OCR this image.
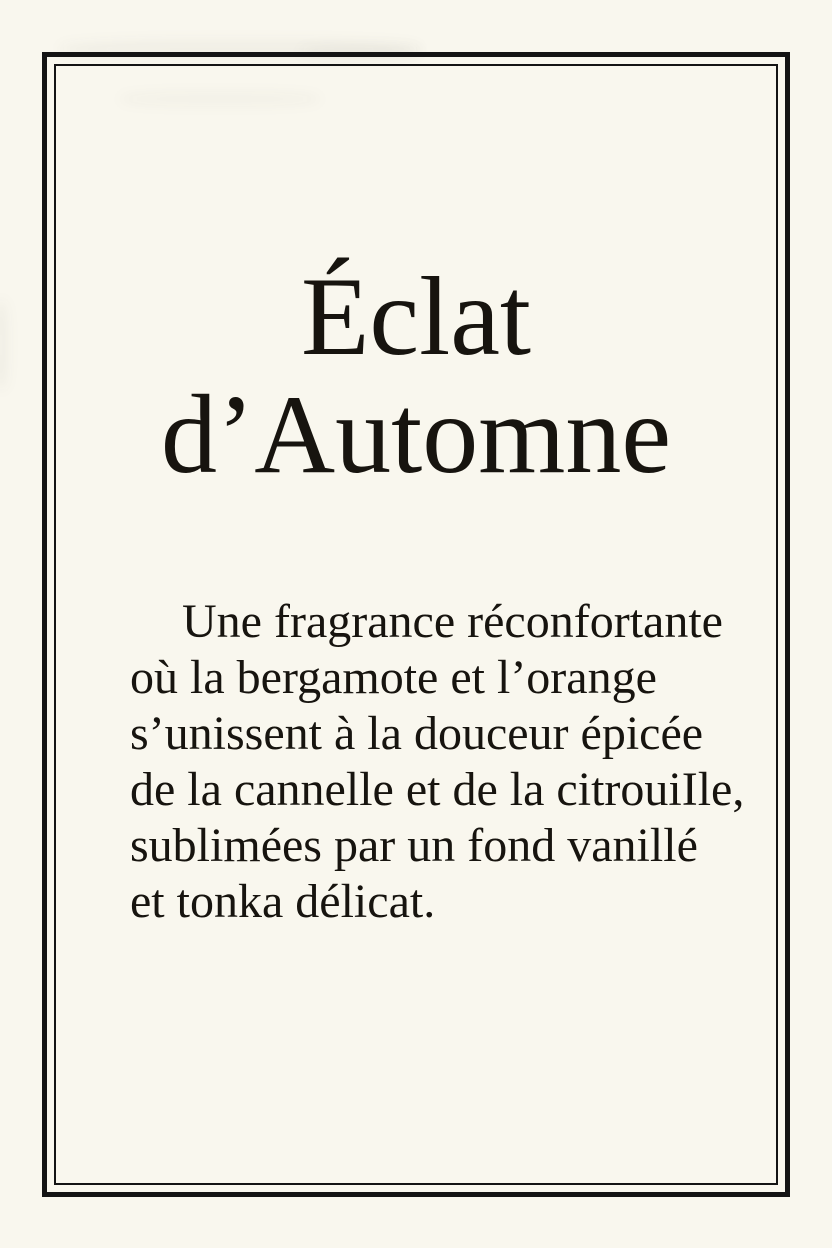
Éclat
d’Automne
Une fragrance réconfortante
où la bergamote et l’orange
s’unissent à la douceur épicée
de la cannelle et de la citrouiIle,
sublimées par un fond vanillé
et tonka délicat.
